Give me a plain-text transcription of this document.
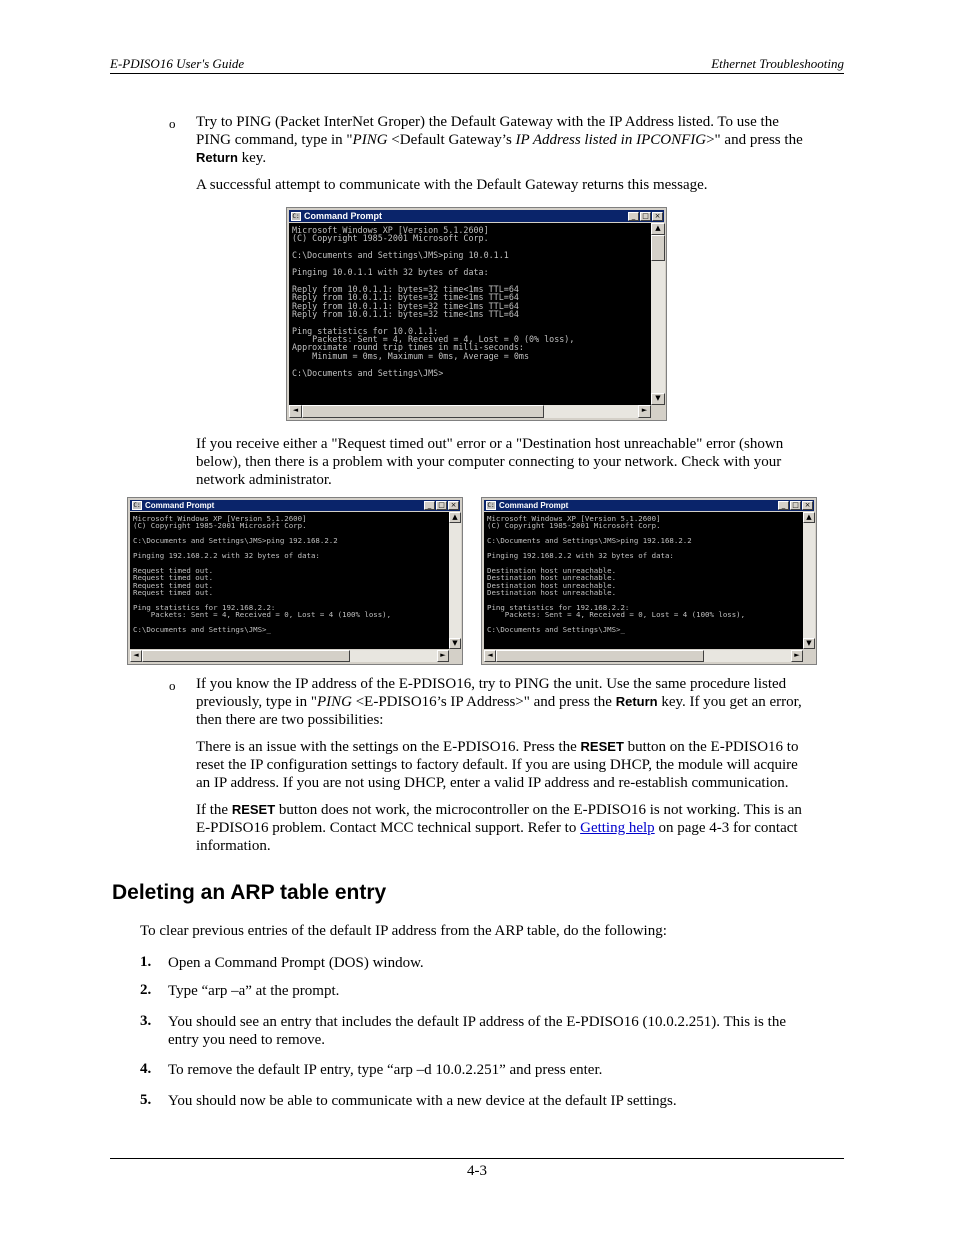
E-PDISO16 User's Guide	Ethernet Troubleshooting
o Try to PING (Packet InterNet Groper) the Default Gateway with the IP Address listed. To use the
PING command, type in "PING <Default Gateway’s IP Address listed in IPCONFIG>" and press the
Return key.
A successful attempt to communicate with the Default Gateway returns this message.
C: Command Prompt	_ □ ×
Microsoft Windows XP [Version 5.1.2600]
(C) Copyright 1985-2001 Microsoft Corp.

C:\Documents and Settings\JMS>ping 10.0.1.1

Pinging 10.0.1.1 with 32 bytes of data:

Reply from 10.0.1.1: bytes=32 time<1ms TTL=64
Reply from 10.0.1.1: bytes=32 time<1ms TTL=64
Reply from 10.0.1.1: bytes=32 time<1ms TTL=64
Reply from 10.0.1.1: bytes=32 time<1ms TTL=64

Ping statistics for 10.0.1.1:
Packets: Sent = 4, Received = 4, Lost = 0 (0% loss),
Approximate round trip times in milli-seconds:
Minimum = 0ms, Maximum = 0ms, Average = 0ms

C:\Documents and Settings\JMS>
▲
▼
◄	►
If you receive either a "Request timed out" error or a "Destination host unreachable" error (shown
below), then there is a problem with your computer connecting to your network. Check with your
network administrator.
C: Command Prompt	_ □ ×
Microsoft Windows XP [Version 5.1.2600]
(C) Copyright 1985-2001 Microsoft Corp.

C:\Documents and Settings\JMS>ping 192.168.2.2

Pinging 192.168.2.2 with 32 bytes of data:

Request timed out.
Request timed out.
Request timed out.
Request timed out.

Ping statistics for 192.168.2.2:
Packets: Sent = 4, Received = 0, Lost = 4 (100% loss),

C:\Documents and Settings\JMS>_
▲
▼
◄	►
C: Command Prompt	_ □ ×
Microsoft Windows XP [Version 5.1.2600]
(C) Copyright 1985-2001 Microsoft Corp.

C:\Documents and Settings\JMS>ping 192.168.2.2

Pinging 192.168.2.2 with 32 bytes of data:

Destination host unreachable.
Destination host unreachable.
Destination host unreachable.
Destination host unreachable.

Ping statistics for 192.168.2.2:
Packets: Sent = 4, Received = 0, Lost = 4 (100% loss),

C:\Documents and Settings\JMS>_
▲
▼
◄	►
o If you know the IP address of the E-PDISO16, try to PING the unit. Use the same procedure listed
previously, type in "PING <E-PDISO16’s IP Address>" and press the Return key. If you get an error,
then there are two possibilities:
There is an issue with the settings on the E-PDISO16. Press the RESET button on the E-PDISO16 to
reset the IP configuration settings to factory default. If you are using DHCP, the module will acquire
an IP address. If you are not using DHCP, enter a valid IP address and re-establish communication.
If the RESET button does not work, the microcontroller on the E-PDISO16 is not working. This is an
E-PDISO16 problem. Contact MCC technical support. Refer to Getting help on page 4-3 for contact
information.
Deleting an ARP table entry
To clear previous entries of the default IP address from the ARP table, do the following:
1. Open a Command Prompt (DOS) window.
2. Type “arp –a” at the prompt.
3. You should see an entry that includes the default IP address of the E-PDISO16 (10.0.2.251). This is the
entry you need to remove.
4. To remove the default IP entry, type “arp –d 10.0.2.251” and press enter.
5. You should now be able to communicate with a new device at the default IP settings.
4-3
